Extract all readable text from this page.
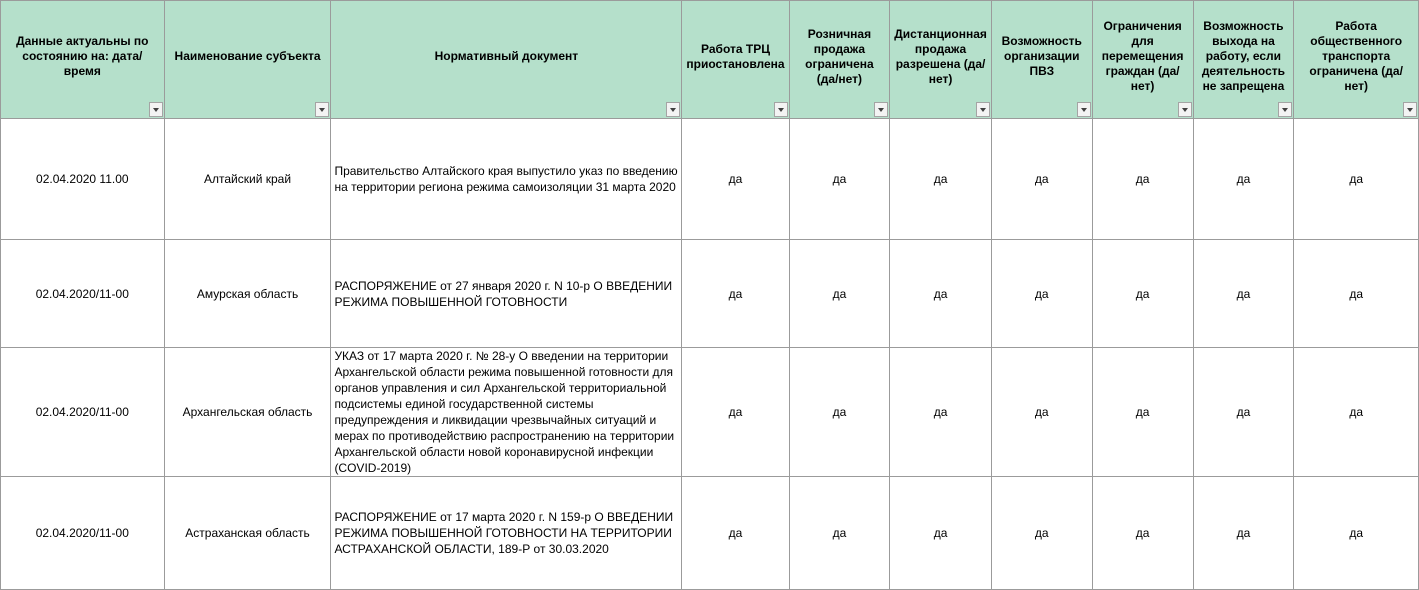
Данные актуальны по состоянию на: дата/время	Наименование субъекта	Нормативный документ	Работа ТРЦ приостановлена	Розничная продажа ограничена (да/нет)	Дистанционная продажа разрешена (да/нет)	Возможность организации ПВЗ	Ограничения для перемещения граждан (да/нет)	Возможность выхода на работу, если деятельность не запрещена	Работа общественного транспорта ограничена (да/нет)

02.04.2020 11.00	Алтайский край	Правительство Алтайского края выпустило указ по введению на территории региона режима самоизоляции 31 марта 2020	да	да	да	да	да	да	да
02.04.2020/11-00	Амурская область	РАСПОРЯЖЕНИЕ от 27 января 2020 г. N 10-р О ВВЕДЕНИИ РЕЖИМА ПОВЫШЕННОЙ ГОТОВНОСТИ	да	да	да	да	да	да	да
02.04.2020/11-00	Архангельская область	УКАЗ от 17 марта 2020 г. № 28-у О введении на территории Архангельской области режима повышенной готовности для органов управления и сил Архангельской территориальной подсистемы единой государственной системы предупреждения и ликвидации чрезвычайных ситуаций и мерах по противодействию распространению на территории Архангельской области новой коронавирусной инфекции (COVID-2019)	да	да	да	да	да	да	да
02.04.2020/11-00	Астраханская область	РАСПОРЯЖЕНИЕ от 17 марта 2020 г. N 159-р О ВВЕДЕНИИ РЕЖИМА ПОВЫШЕННОЙ ГОТОВНОСТИ НА ТЕРРИТОРИИ АСТРАХАНСКОЙ ОБЛАСТИ, 189-Р от 30.03.2020	да	да	да	да	да	да	да
